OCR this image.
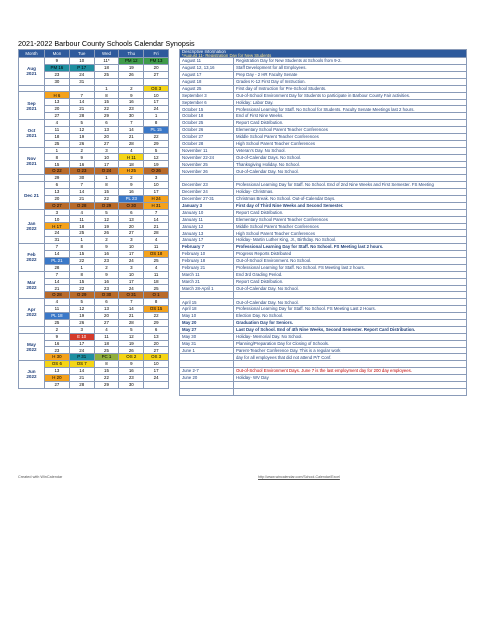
2021-2022 Barbour County Schools Calendar Synopsis
Month	Mon	Tue	Wed	Thu	Fri

Aug
2021	9	10	11*	PM 12	PM 13
	PM 16	P 17	18	19	20
	23	24	25	26	27
	30	31			

			1	2	OS 3

Sep
2021	H 6	7	8	9	10
	13	14	15	16	17
	20	21	22	23	24
	27	28	29	30	1

Oct
2021	4	5	6	7	8
	11	12	13	14	PL 15
	18	19	20	21	22
	25	26	27	28	29

Nov
2021	1	2	3	4	5
	8	9	10	H 11	12
	15	16	17	18	19
	O 22	O 23	O 24	H 25	O 26

	29	30	1	2	3

Dec 21	6	7	8	9	10
	13	14	15	16	17
	20	21	22	PL 23	H 24
	O 27	O 28	O 29	O 30	H 31

Jan
2022	3	4	5	6	7
	10	11	12	13	14
	H 17	18	19	20	21
	24	25	26	27	28
	31	1	2	3	4

Feb
2022	7	8	9	10	11
	14	15	16	17	OS 18
	PL 21	22	23	24	25
	28	1	2	3	4

Mar
2022	7	8	9	10	11
	14	15	16	17	18
	21	22	23	24	25
	O 28	O 29	O 30	O 31	O 1

Apr
2022	4	5	6	7	8
	11	12	13	14	OS 15
	PL 18	19	20	21	22
	25	26	27	28	29

	2	3	4	5	6

May
2022	9	E 10	11	12	13
	16	17	18	19	20
	23	24	25	26	27
	H 30	P 31	PC 1	OS 2	OS 3

Jun
2022	OS 6	OS 7	8	9	10
	13	14	15	16	17
	H 20	21	22	23	24
	27	28	29	30	
Descriptive Information
*August 11- Registration Day for New Students	

August 11	Registration Day for New Students at Schools from 9-2.
August 12, 13,16	Staff Development for all Employees.
August 17	Prep Day - 2 HR Faculty Senate
August 18	Grades K-12 First Day of Instruction.
August 25	First day of Instruction for Pre-School Students.
September 3	Out-of-School Environment Day for Students to participate in Barbour County Fair activities.
September 6	Holiday: Labor Day.
October 15	Professional Learning for Staff. No School for Students. Faculty Senate Meetings last 2 hours.
October 18	End of First Nine Weeks.
October 25	Report Card Distribution.
October 26	Elementary School Parent Teacher Conferences
October 27	Middle School Parent Teacher Conferences
October 28	High School Parent Teacher Conferences
November 11	Veteran's Day. No School.
November 22-24	Out-of-Calendar Days. No School.
November 25	Thanksgiving Holiday. No School.
November 26	Out-of-Calendar Day. No School.

December 23	Professional Learning Day for Staff. No School. End of 2nd Nine Weeks and First Semester. FS Meeting
December 24	Holiday- Christmas.
December 27-31	Christmas Break. No School. Out-of-Calendar Days.
January 3	First day of Third Nine Weeks and Second Semester.
January 10	Report Card Distribution.
January 11	Elementary School Parent Teacher Conferences
January 12	Middle School Parent Teacher Conferences
January 13	High School Parent Teacher Conferences
January 17	Holiday- Martin Luther King, Jr., Birthday. No School.
February 7	Professional Learning Day for Staff. No School. FS Meeting last 2 hours.
February 10	Progress Reports Distributed
February 18	Out-of-School Environment. No School.
February 21	Professional Learning for Staff. No School. FS Meeting last 2 hours.
March 11	End 3rd Grading Period.
March 21	Report Card Distribution.
March 28-April 1	Out-of-Calendar Day. No School.

April 15	Out-of-Calendar Day. No School.
April 18	Professional Learning Day for Staff. No School. FS Meeting Last 2 Hours.
May 10	Election Day. No School.
May 20	Graduation Day for Seniors.
May 27	Last Day of School. End of 4th Nine Weeks, Second Semester. Report Card Distribution.
May 30	Holiday- Memorial Day. No School.
May 31	Planning/Preparation Day for Closing of Schools.
June 1	Parent-Teacher Conference Day. This is a regular work
	day for all employees that did not attend P/T Conf.

June 2-7	Out-of-School Environment Days. June 7 is the last employment day for 200 day employees.
June 20	Holiday- WV Day

Created with WinCalendar	http://www.wincalendar.com/School-Calendar/Excel
